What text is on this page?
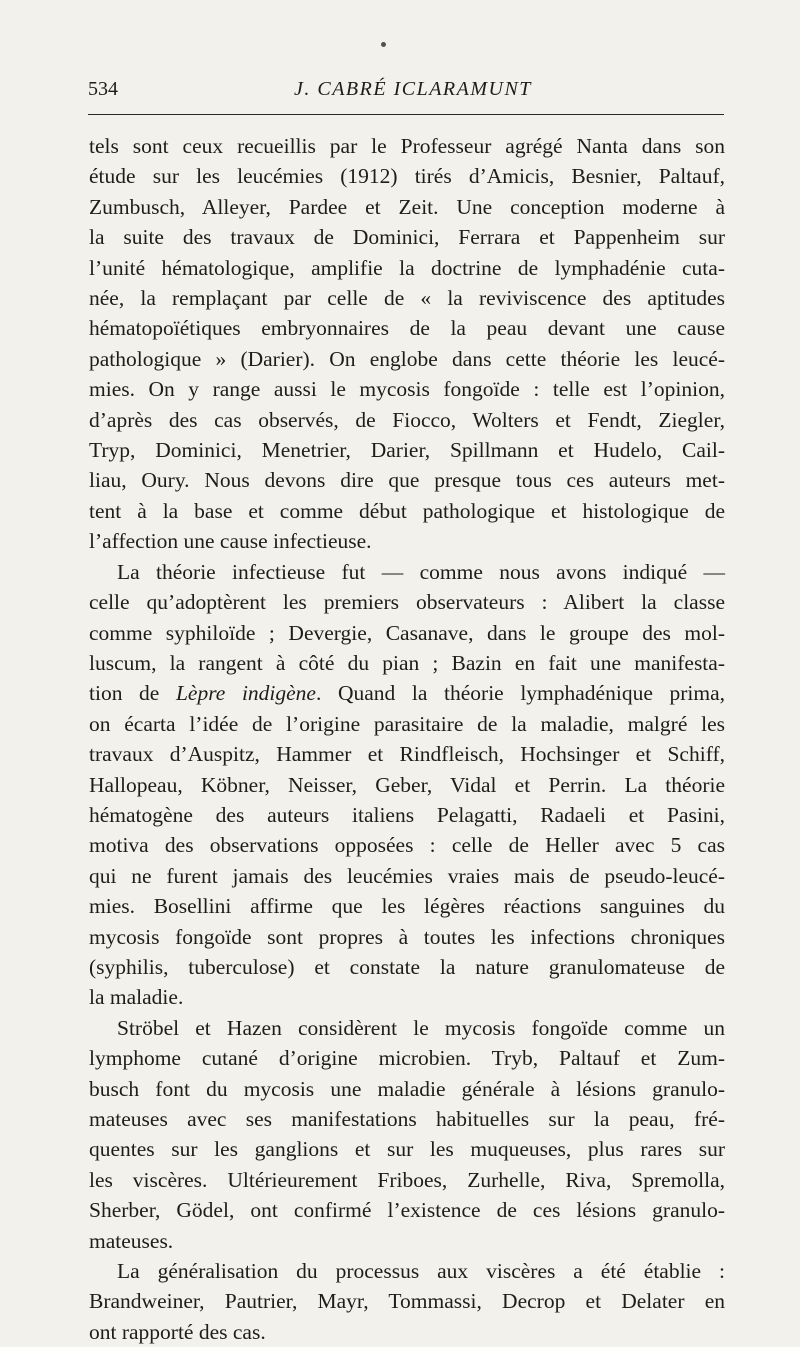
534	J. CABRÉ ICLARAMUNT
tels sont ceux recueillis par le Professeur agrégé Nanta dans son
étude sur les leucémies (1912) tirés d’Amicis, Besnier, Paltauf,
Zumbusch, Alleyer, Pardee et Zeit. Une conception moderne à
la suite des travaux de Dominici, Ferrara et Pappenheim sur
l’unité hématologique, amplifie la doctrine de lymphadénie cuta-
née, la remplaçant par celle de « la reviviscence des aptitudes
hématopoïétiques embryonnaires de la peau devant une cause
pathologique » (Darier). On englobe dans cette théorie les leucé-
mies. On y range aussi le mycosis fongoïde : telle est l’opinion,
d’après des cas observés, de Fiocco, Wolters et Fendt, Ziegler,
Tryp, Dominici, Menetrier, Darier, Spillmann et Hudelo, Cail-
liau, Oury. Nous devons dire que presque tous ces auteurs met-
tent à la base et comme début pathologique et histologique de
l’affection une cause infectieuse.
La théorie infectieuse fut — comme nous avons indiqué —
celle qu’adoptèrent les premiers observateurs : Alibert la classe
comme syphiloïde ; Devergie, Casanave, dans le groupe des mol-
luscum, la rangent à côté du pian ; Bazin en fait une manifesta-
tion de Lèpre indigène. Quand la théorie lymphadénique prima,
on écarta l’idée de l’origine parasitaire de la maladie, malgré les
travaux d’Auspitz, Hammer et Rindfleisch, Hochsinger et Schiff,
Hallopeau, Köbner, Neisser, Geber, Vidal et Perrin. La théorie
hématogène des auteurs italiens Pelagatti, Radaeli et Pasini,
motiva des observations opposées : celle de Heller avec 5 cas
qui ne furent jamais des leucémies vraies mais de pseudo-leucé-
mies. Bosellini affirme que les légères réactions sanguines du
mycosis fongoïde sont propres à toutes les infections chroniques
(syphilis, tuberculose) et constate la nature granulomateuse de
la maladie.
Ströbel et Hazen considèrent le mycosis fongoïde comme un
lymphome cutané d’origine microbien. Tryb, Paltauf et Zum-
busch font du mycosis une maladie générale à lésions granulo-
mateuses avec ses manifestations habituelles sur la peau, fré-
quentes sur les ganglions et sur les muqueuses, plus rares sur
les viscères. Ultérieurement Friboes, Zurhelle, Riva, Spremolla,
Sherber, Gödel, ont confirmé l’existence de ces lésions granulo-
mateuses.
La généralisation du processus aux viscères a été établie :
Brandweiner, Pautrier, Mayr, Tommassi, Decrop et Delater en
ont rapporté des cas.
